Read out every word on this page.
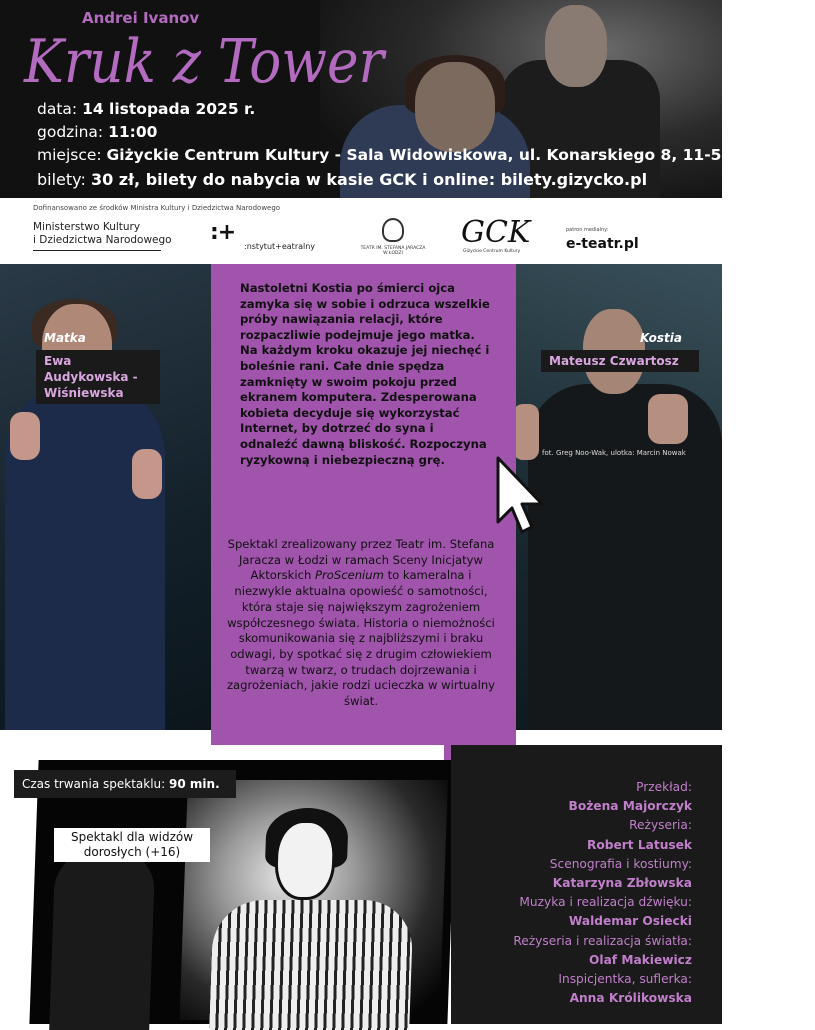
Andrei Ivanov
Kruk z Tower
data: 14 listopada 2025 r.
godzina: 11:00
miejsce: Giżyckie Centrum Kultury - Sala Widowiskowa, ul. Konarskiego 8, 11-500 Giżycko
bilety: 30 zł, bilety do nabycia w kasie GCK i online: bilety.gizycko.pl
Dofinansowano ze środków Ministra Kultury i Dziedzictwa Narodowego
Ministerstwo Kultury
i Dziedzictwa Narodowego :+
:nstytut+eatralny	TEATR IM. STEFANA JARACZA W ŁODZI
GCK
Giżyckie Centrum Kultury
patron medialny:
e-teatr.pl
Matka
Ewa Audykowska -Wiśniewska
Kostia
Mateusz Czwartosz
fot. Greg Noo-Wak, ulotka: Marcin Nowak
Nastoletni Kostia po śmierci ojca zamyka się w sobie i odrzuca wszelkie próby nawiązania relacji, które rozpaczliwie podejmuje jego matka. Na każdym kroku okazuje jej niechęć i boleśnie rani. Całe dnie spędza zamknięty w swoim pokoju przed ekranem komputera. Zdesperowana kobieta decyduje się wykorzystać Internet, by dotrzeć do syna i odnaleźć dawną bliskość. Rozpoczyna ryzykowną i niebezpieczną grę.
Spektakl zrealizowany przez Teatr im. Stefana Jaracza w Łodzi w ramach Sceny Inicjatyw Aktorskich ProScenium to kameralna i niezwykle aktualna opowieść o samotności, która staje się największym zagrożeniem współczesnego świata. Historia o niemożności skomunikowania się z najbliższymi i braku odwagi, by spotkać się z drugim człowiekiem twarzą w twarz, o trudach dojrzewania i zagrożeniach, jakie rodzi ucieczka w wirtualny świat.
Czas trwania spektaklu: 90 min.
Spektakl dla widzów dorosłych (+16)
Przekład:
Bożena Majorczyk
Reżyseria:
Robert Latusek
Scenografia i kostiumy:
Katarzyna Zbłowska
Muzyka i realizacja dźwięku:
Waldemar Osiecki
Reżyseria i realizacja światła:
Olaf Makiewicz
Inspicjentka, suflerka:
Anna Królikowska
